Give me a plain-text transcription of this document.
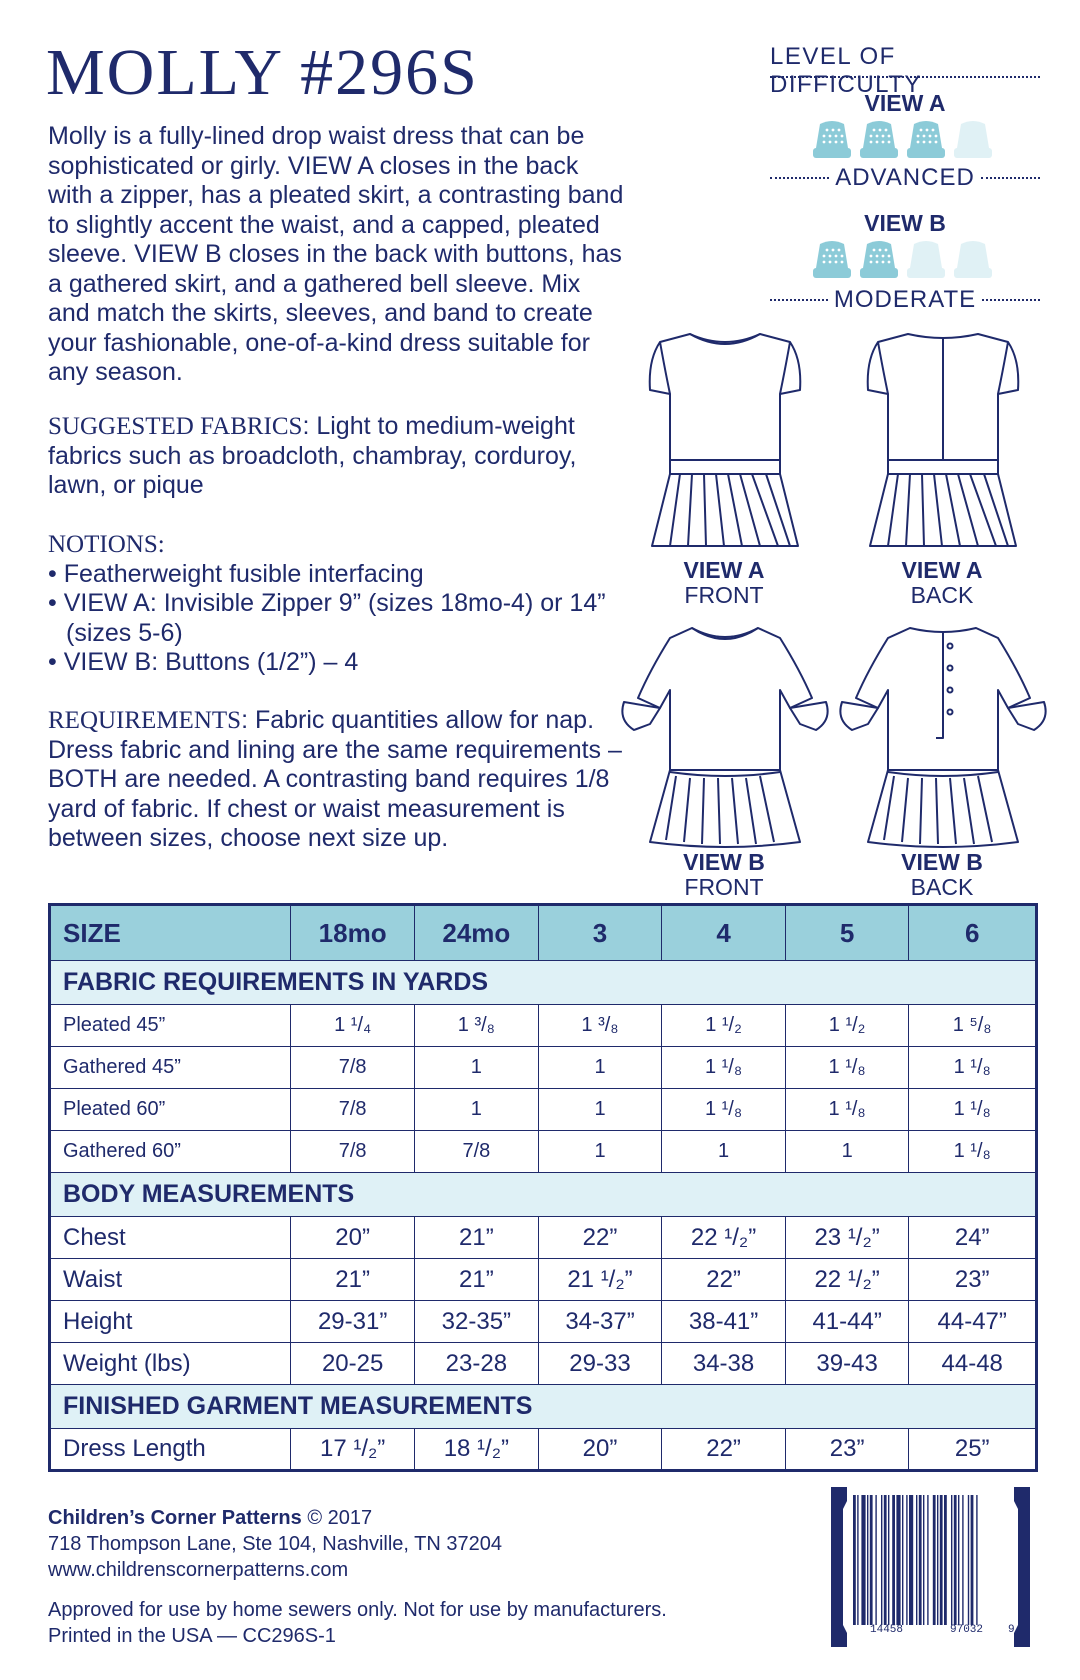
MOLLY #296S

Molly is a fully-lined drop waist dress that can be sophisticated or girly. VIEW A closes in the back with a zipper, has a pleated skirt, a contrasting band to slightly accent the waist, and a capped, pleated sleeve. VIEW B closes in the back with buttons, has a gathered skirt, and a gathered bell sleeve. Mix and match the skirts, sleeves, and band to create your fashionable, one-of-a-kind dress suitable for any season.

SUGGESTED FABRICS: Light to medium-weight fabrics such as broadcloth, chambray, corduroy, lawn, or pique
NOTIONS:
• Featherweight fusible interfacing
• VIEW A: Invisible Zipper 9” (sizes 18mo-4) or 14” (sizes 5-6)
• VIEW B: Buttons (1/2”) – 4
REQUIREMENTS: Fabric quantities allow for nap. Dress fabric and lining are the same requirements – BOTH are needed. A contrasting band requires 1/8 yard of fabric. If chest or waist measurement is between sizes, choose next size up.
LEVEL OF DIFFICULTY
VIEW A
ADVANCED
VIEW B
MODERATE
VIEW A
FRONT
VIEW A
BACK
VIEW B
FRONT
VIEW B
BACK
SIZE	18mo	24mo	3	4	5	6
FABRIC REQUIREMENTS IN YARDS						
Pleated 45”	1 ¹/₄	1 ³/₈	1 ³/₈	1 ¹/₂	1 ¹/₂	1 ⁵/₈
Gathered 45”	7/8	1	1	1 ¹/₈	1 ¹/₈	1 ¹/₈
Pleated 60”	7/8	1	1	1 ¹/₈	1 ¹/₈	1 ¹/₈
Gathered 60”	7/8	7/8	1	1	1	1 ¹/₈
BODY MEASUREMENTS						
Chest	20”	21”	22”	22 ¹/₂”	23 ¹/₂”	24”
Waist	21”	21”	21 ¹/₂”	22”	22 ¹/₂”	23”
Height	29-31”	32-35”	34-37”	38-41”	41-44”	44-47”
Weight (lbs)	20-25	23-28	29-33	34-38	39-43	44-48
FINISHED GARMENT MEASUREMENTS						
Dress Length	17 ¹/₂”	18 ¹/₂”	20”	22”	23”	25”
Children’s Corner Patterns © 2017
718 Thompson Lane, Ste 104, Nashville, TN 37204
www.childrenscornerpatterns.com
Approved for use by home sewers only. Not for use by manufacturers.
Printed in the USA — CC296S-1	6 14458	97032 9
